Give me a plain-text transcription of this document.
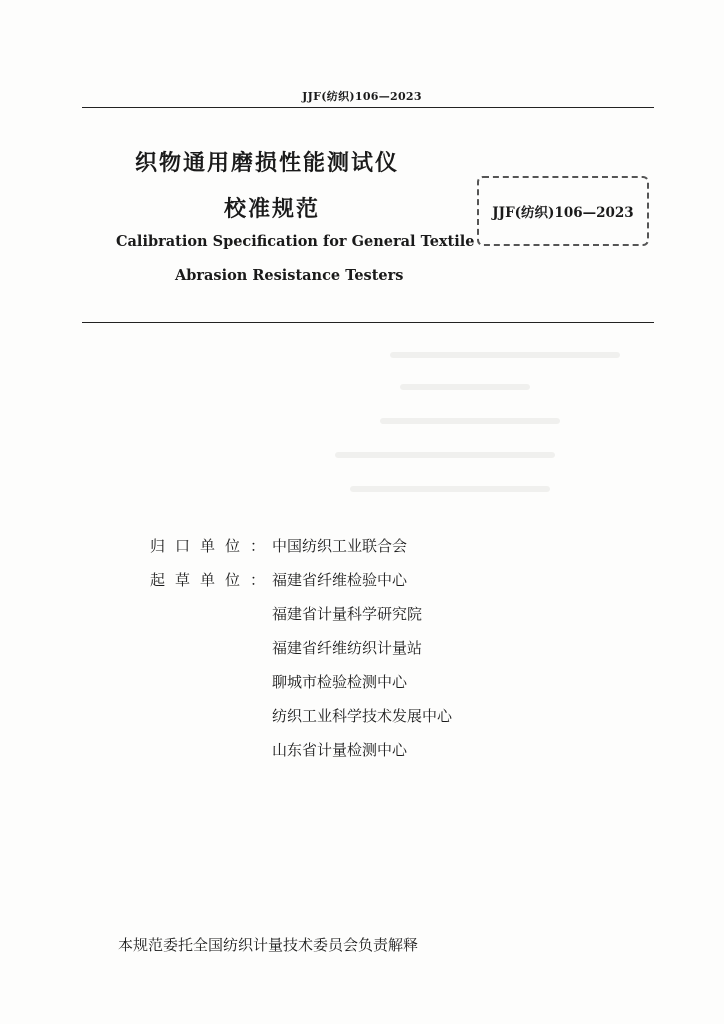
JJF(纺织)106—2023
织物通用磨损性能测试仪
校准规范
Calibration Specification for General Textile
Abrasion Resistance Testers
JJF(纺织)106—2023
归口单位：
中国纺织工业联合会
起草单位：
福建省纤维检验中心
福建省计量科学研究院
福建省纤维纺织计量站
聊城市检验检测中心
纺织工业科学技术发展中心
山东省计量检测中心
本规范委托全国纺织计量技术委员会负责解释
